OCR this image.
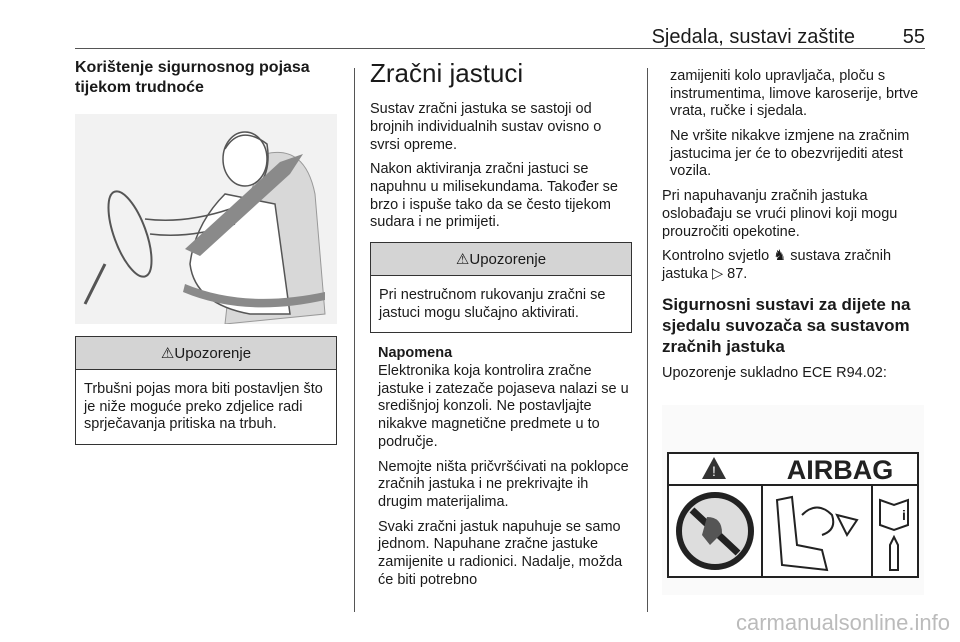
Sjedala, sustavi zaštite 55
Korištenje sigurnosnog pojasa tijekom trudnoće
⚠Upozorenje
Trbušni pojas mora biti postavljen što je niže moguće preko zdjelice radi sprječavanja pritiska na trbuh.
Zračni jastuci

Sustav zračni jastuka se sastoji od brojnih individualnih sustav ovisno o svrsi opreme.

Nakon aktiviranja zračni jastuci se napuhnu u milisekundama. Također se brzo i ispuše tako da se često tijekom sudara i ne primijeti.

⚠Upozorenje
Pri nestručnom rukovanju zračni se jastuci mogu slučajno aktivirati.
Napomena

Elektronika koja kontrolira zračne jastuke i zatezače pojaseva nalazi se u središnjoj konzoli. Ne postavljajte nikakve magnetične predmete u to područje.

Nemojte ništa pričvršćivati na poklopce zračnih jastuka i ne prekrivajte ih drugim materijalima.

Svaki zračni jastuk napuhuje se samo jednom. Napuhane zračne jastuke zamijenite u radionici. Nadalje, možda će biti potrebno

zamijeniti kolo upravljača, ploču s instrumentima, limove karoserije, brtve vrata, ručke i sjedala.

Ne vršite nikakve izmjene na zračnim jastucima jer će to obezvrijediti atest vozila.

Pri napuhavanju zračnih jastuka oslobađaju se vrući plinovi koji mogu prouzročiti opekotine.

Kontrolno svjetlo ♞ sustava zračnih jastuka ▷ 87.

Sigurnosni sustavi za dijete na sjedalu suvozača sa sustavom zračnih jastuka

Upozorenje sukladno ECE R94.02:

!	AIRBAG
i
carmanualsonline.info
